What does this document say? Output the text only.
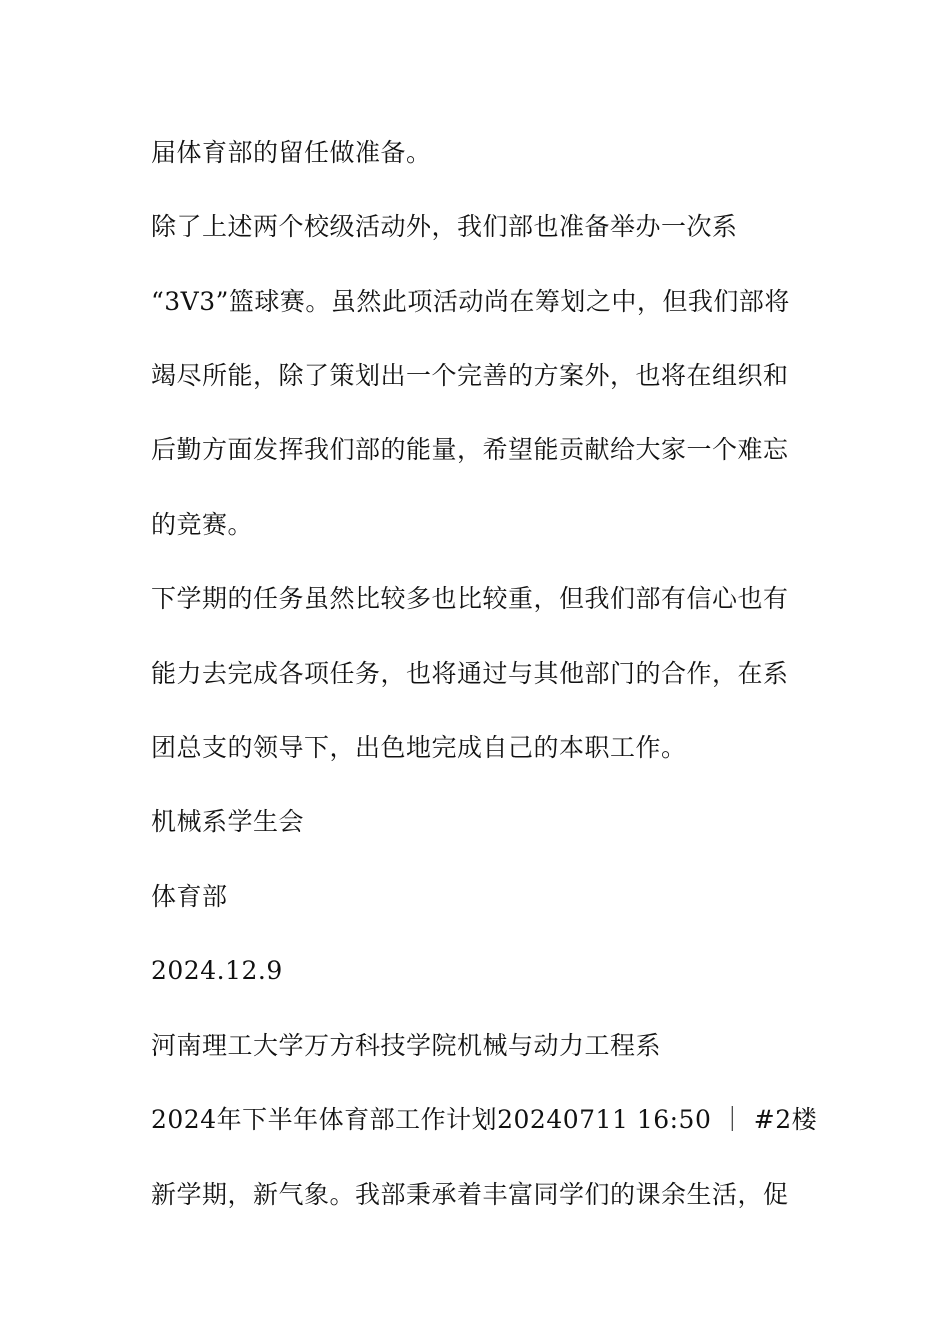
届体育部的留任做准备。
除了上述两个校级活动外，我们部也准备举办一次系
“3V3”篮球赛。虽然此项活动尚在筹划之中，但我们部将
竭尽所能，除了策划出一个完善的方案外，也将在组织和
后勤方面发挥我们部的能量，希望能贡献给大家一个难忘
的竞赛。
下学期的任务虽然比较多也比较重，但我们部有信心也有
能力去完成各项任务，也将通过与其他部门的合作，在系
团总支的领导下，出色地完成自己的本职工作。
机械系学生会
体育部
2024.12.9
河南理工大学万方科技学院机械与动力工程系
2024年下半年体育部工作计划20240711 16:50 ｜ #2楼
新学期，新气象。我部秉承着丰富同学们的课余生活，促
